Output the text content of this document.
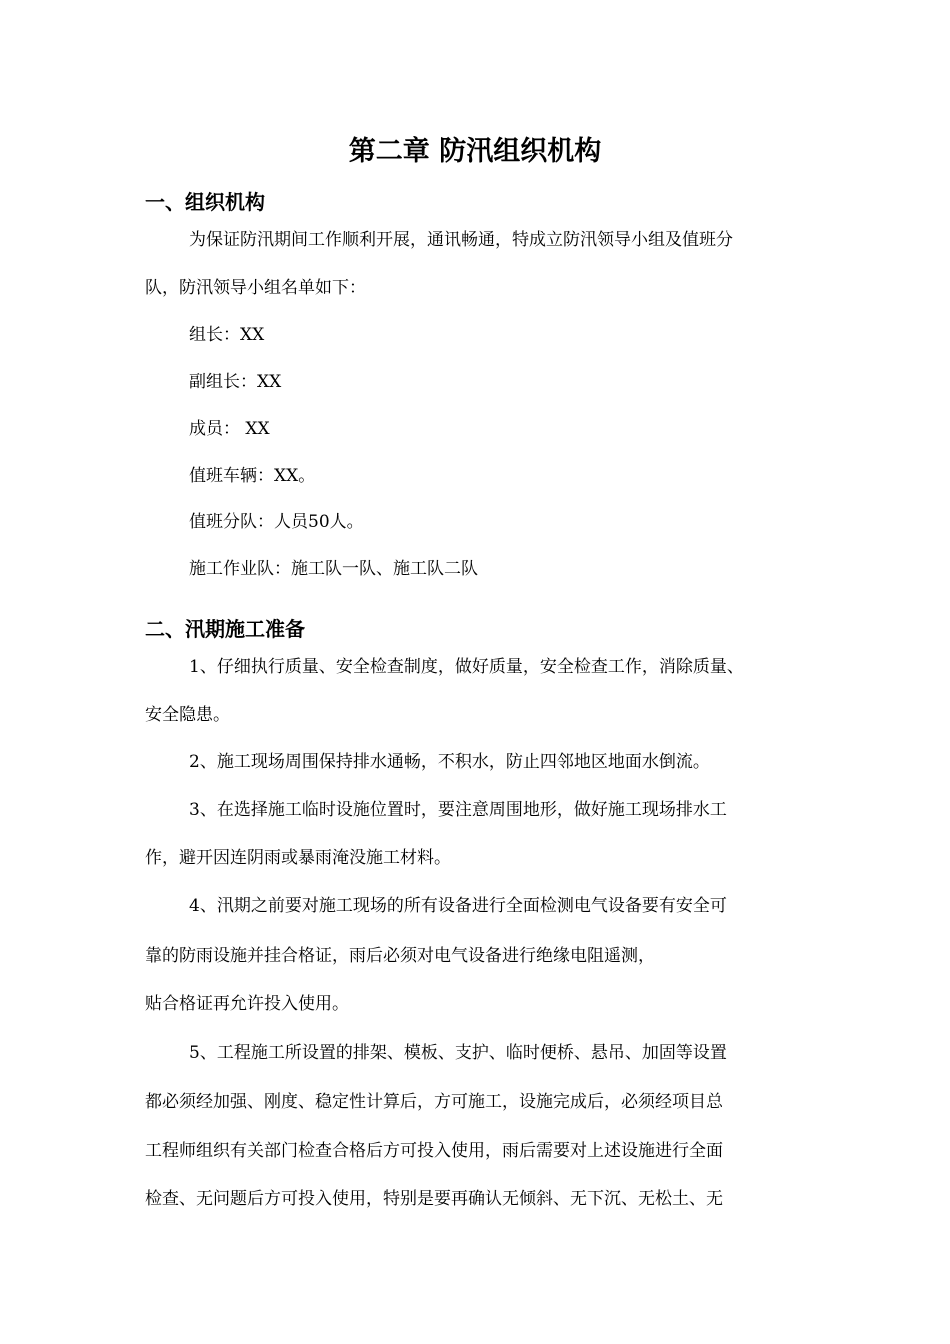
第二章 防汛组织机构
一、组织机构
为保证防汛期间工作顺利开展，通讯畅通，特成立防汛领导小组及值班分
队，防汛领导小组名单如下：
组长：XX
副组长：XX
成员： XX
值班车辆：XX。
值班分队：人员50人。
施工作业队：施工队一队、施工队二队
二、汛期施工准备
1、仔细执行质量、安全检查制度，做好质量，安全检查工作，消除质量、
安全隐患。
2、施工现场周围保持排水通畅，不积水，防止四邻地区地面水倒流。
3、在选择施工临时设施位置时，要注意周围地形，做好施工现场排水工
作，避开因连阴雨或暴雨淹没施工材料。
4、汛期之前要对施工现场的所有设备进行全面检测电气设备要有安全可
靠的防雨设施并挂合格证，雨后必须对电气设备进行绝缘电阻遥测，
贴合格证再允许投入使用。
5、工程施工所设置的排架、模板、支护、临时便桥、悬吊、加固等设置
都必须经加强、刚度、稳定性计算后，方可施工，设施完成后，必须经项目总
工程师组织有关部门检查合格后方可投入使用，雨后需要对上述设施进行全面
检查、无问题后方可投入使用，特别是要再确认无倾斜、无下沉、无松土、无
